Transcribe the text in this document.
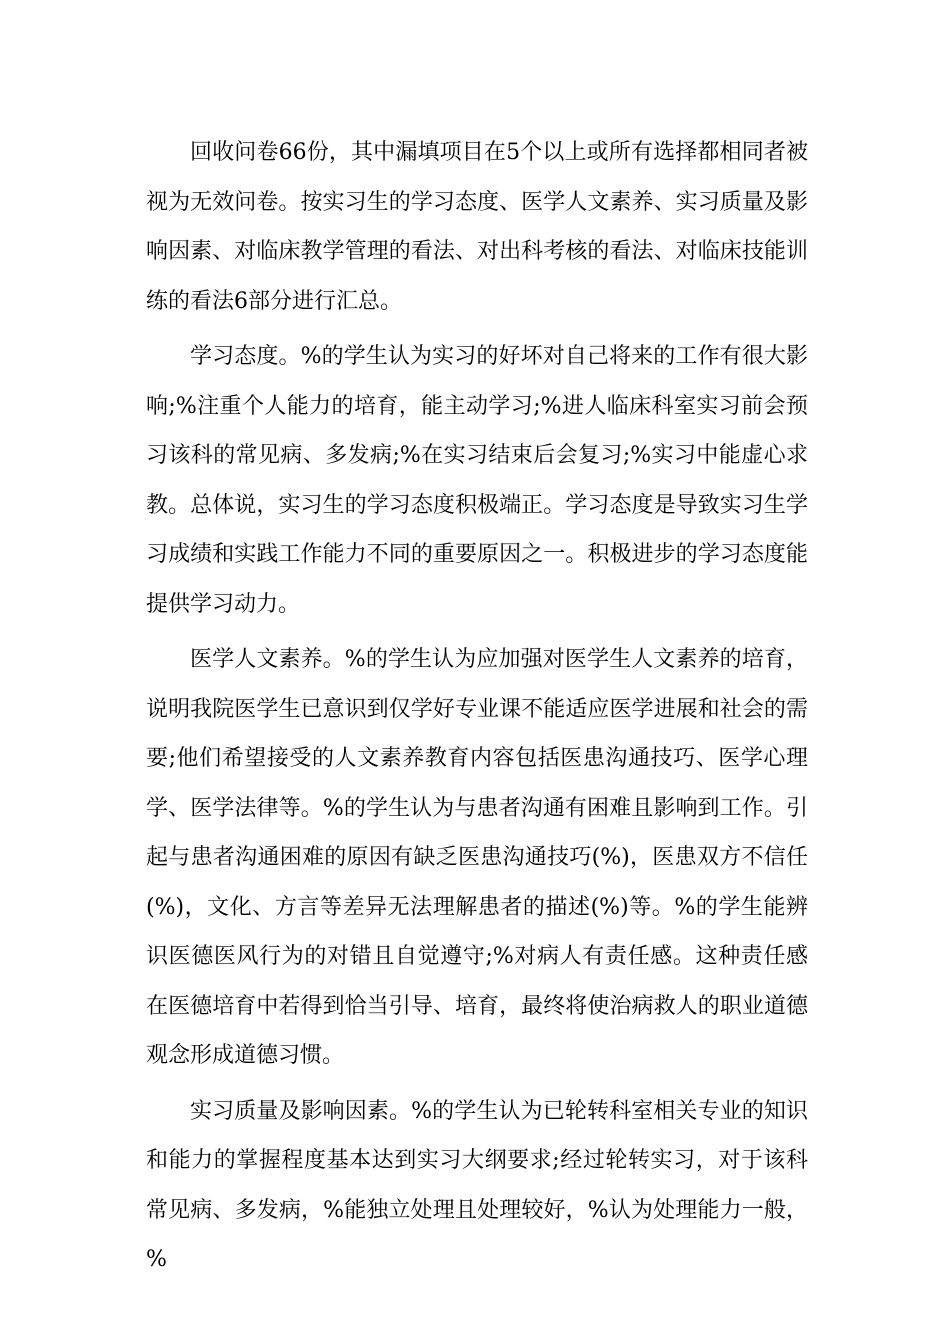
回收问卷66份，其中漏填项目在5个以上或所有选择都相同者被视为无效问卷。按实习生的学习态度、医学人文素养、实习质量及影响因素、对临床教学管理的看法、对出科考核的看法、对临床技能训练的看法6部分进行汇总。

学习态度。%的学生认为实习的好坏对自己将来的工作有很大影响;%注重个人能力的培育，能主动学习;%进人临床科室实习前会预习该科的常见病、多发病;%在实习结束后会复习;%实习中能虚心求教。总体说，实习生的学习态度积极端正。学习态度是导致实习生学习成绩和实践工作能力不同的重要原因之一。积极进步的学习态度能提供学习动力。

医学人文素养。%的学生认为应加强对医学生人文素养的培育，说明我院医学生已意识到仅学好专业课不能适应医学进展和社会的需要;他们希望接受的人文素养教育内容包括医患沟通技巧、医学心理学、医学法律等。%的学生认为与患者沟通有困难且影响到工作。引起与患者沟通困难的原因有缺乏医患沟通技巧(%)，医患双方不信任(%)，文化、方言等差异无法理解患者的描述(%)等。%的学生能辨识医德医风行为的对错且自觉遵守;%对病人有责任感。这种责任感在医德培育中若得到恰当引导、培育，最终将使治病救人的职业道德观念形成道德习惯。

实习质量及影响因素。%的学生认为已轮转科室相关专业的知识和能力的掌握程度基本达到实习大纲要求;经过轮转实习，对于该科常见病、多发病，%能独立处理且处理较好，%认为处理能力一般，%
